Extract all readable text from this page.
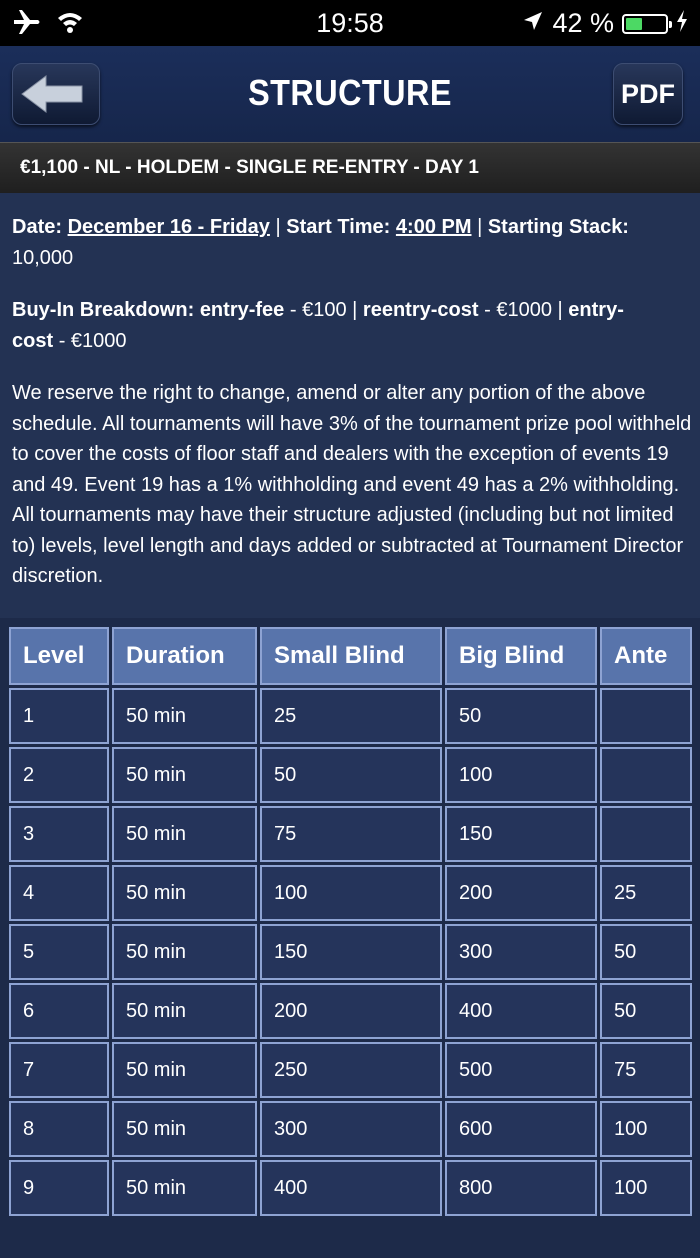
19:58	42 %
STRUCTURE	PDF
€1,100 - NL - HOLDEM - SINGLE RE-ENTRY - DAY 1

Date: December 16 - Friday | Start Time: 4:00 PM | Starting Stack: 10,000

Buy-In Breakdown: entry-fee - €100 | reentry-cost - €1000 | entry-
cost - €1000

We reserve the right to change, amend or alter any portion of the above schedule. All tournaments will have 3% of the tournament prize pool withheld to cover the costs of floor staff and dealers with the exception of events 19 and 49. Event 19 has a 1% withholding and event 49 has a 2% withholding. All tournaments may have their structure adjusted (including but not limited to) levels, level length and days added or subtracted at Tournament Director discretion.

Level	Duration	Small Blind	Big Blind	Ante
1	50 min	25	50	
2	50 min	50	100	
3	50 min	75	150	
4	50 min	100	200	25
5	50 min	150	300	50
6	50 min	200	400	50
7	50 min	250	500	75
8	50 min	300	600	100
9	50 min	400	800	100
